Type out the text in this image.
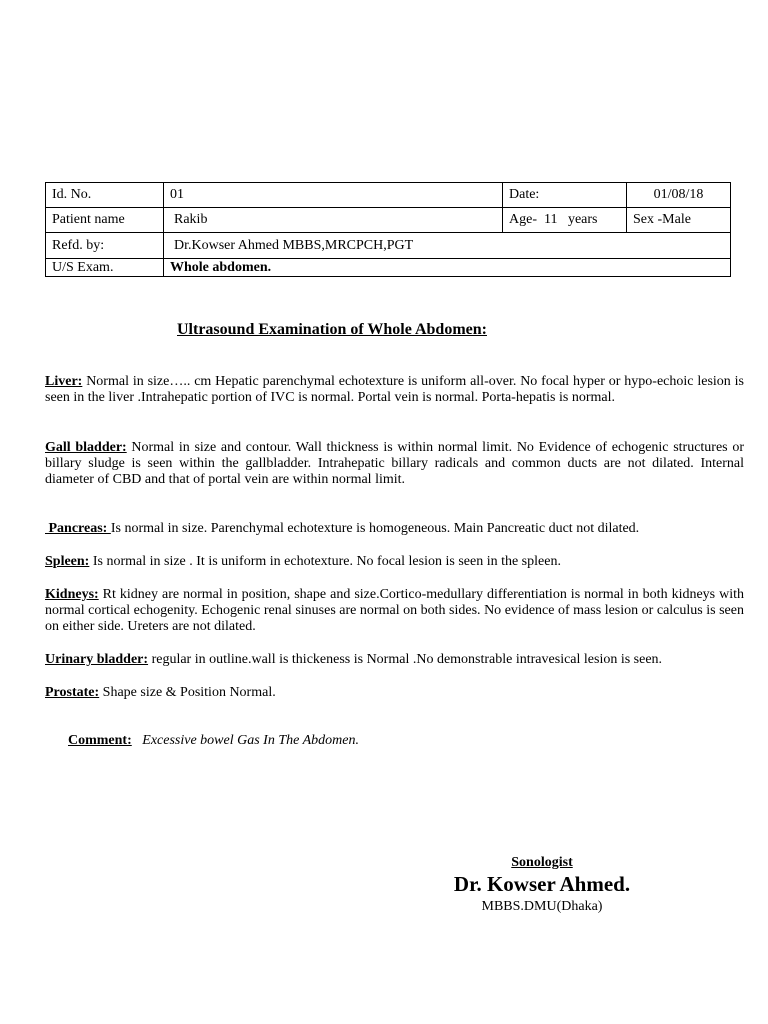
Id. No.	01	Date:	01/08/18
Patient name	Rakib	Age-  11   years	Sex -Male
Refd. by:	Dr.Kowser Ahmed MBBS,MRCPCH,PGT		
U/S Exam.	Whole abdomen.		
Ultrasound Examination of Whole Abdomen:
Liver: Normal in size….. cm Hepatic parenchymal echotexture is uniform all-over. No focal hyper or hypo-echoic lesion is seen in the liver .Intrahepatic portion of IVC is normal. Portal vein is normal. Porta-hepatis is normal.
Gall bladder: Normal in size and contour. Wall thickness is within normal limit. No Evidence of echogenic structures or billary sludge is seen within the gallbladder. Intrahepatic billary radicals and common ducts are not dilated. Internal diameter of CBD and that of portal vein are within normal limit.
Pancreas: Is normal in size. Parenchymal echotexture is homogeneous. Main Pancreatic duct not dilated.
Spleen: Is normal in size . It is uniform in echotexture. No focal lesion is seen in the spleen.
Kidneys: Rt kidney are normal in position, shape and size.Cortico-medullary differentiation is normal in both kidneys with normal cortical echogenity. Echogenic renal sinuses are normal on both sides. No evidence of mass lesion or calculus is seen on either side. Ureters are not dilated.
Urinary bladder: regular in outline.wall is thickeness is Normal .No demonstrable intravesical lesion is seen.
Prostate: Shape size & Position Normal.
Comment: Excessive bowel Gas In The Abdomen.
Sonologist
Dr. Kowser Ahmed.
MBBS.DMU(Dhaka)
